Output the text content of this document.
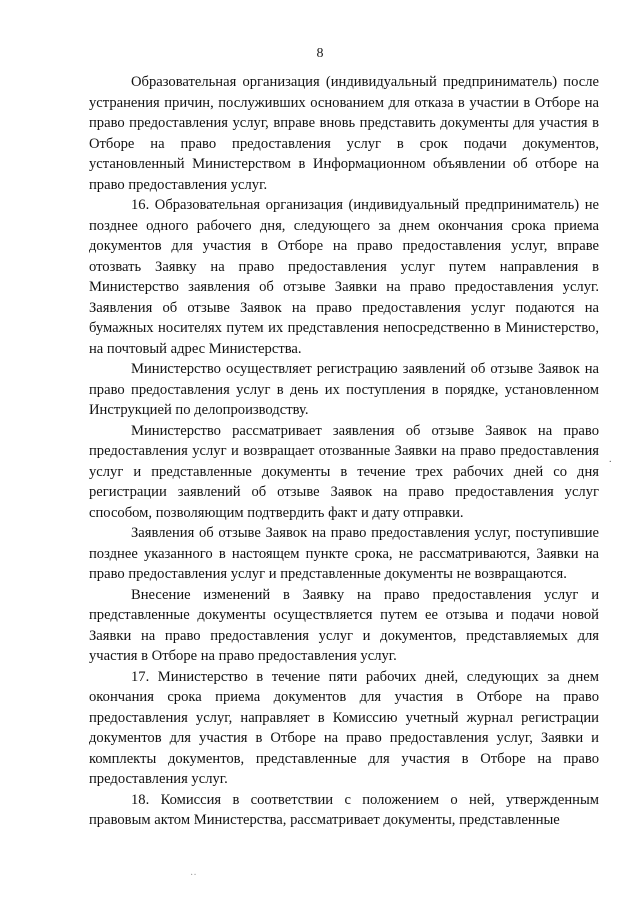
8

Образовательная организация (индивидуальный предприниматель) после устранения причин, послуживших основанием для отказа в участии в Отборе на право предоставления услуг, вправе вновь представить документы для участия в Отборе на право предоставления услуг в срок подачи документов, установленный Министерством в Информационном объявлении об отборе на право предоставления услуг.

16. Образовательная организация (индивидуальный предприниматель) не позднее одного рабочего дня, следующего за днем окончания срока приема документов для участия в Отборе на право предоставления услуг, вправе отозвать Заявку на право предоставления услуг путем направления в Министерство заявления об отзыве Заявки на право предоставления услуг. Заявления об отзыве Заявок на право предоставления услуг подаются на бумажных носителях путем их представления непосредственно в Министерство, на почтовый адрес Министерства.

Министерство осуществляет регистрацию заявлений об отзыве Заявок на право предоставления услуг в день их поступления в порядке, установленном Инструкцией по делопроизводству.

Министерство рассматривает заявления об отзыве Заявок на право предоставления услуг и возвращает отозванные Заявки на право предоставления услуг и представленные документы в течение трех рабочих дней со дня регистрации заявлений об отзыве Заявок на право предоставления услуг способом, позволяющим подтвердить факт и дату отправки.

Заявления об отзыве Заявок на право предоставления услуг, поступившие позднее указанного в настоящем пункте срока, не рассматриваются, Заявки на право предоставления услуг и представленные документы не возвращаются.

Внесение изменений в Заявку на право предоставления услуг и представленные документы осуществляется путем ее отзыва и подачи новой Заявки на право предоставления услуг и документов, представляемых для участия в Отборе на право предоставления услуг.

17. Министерство в течение пяти рабочих дней, следующих за днем окончания срока приема документов для участия в Отборе на право предоставления услуг, направляет в Комиссию учетный журнал регистрации документов для участия в Отборе на право предоставления услуг, Заявки и комплекты документов, представленные для участия в Отборе на право предоставления услуг.

18. Комиссия в соответствии с положением о ней, утвержденным правовым актом Министерства, рассматривает документы, представленные

.
··
